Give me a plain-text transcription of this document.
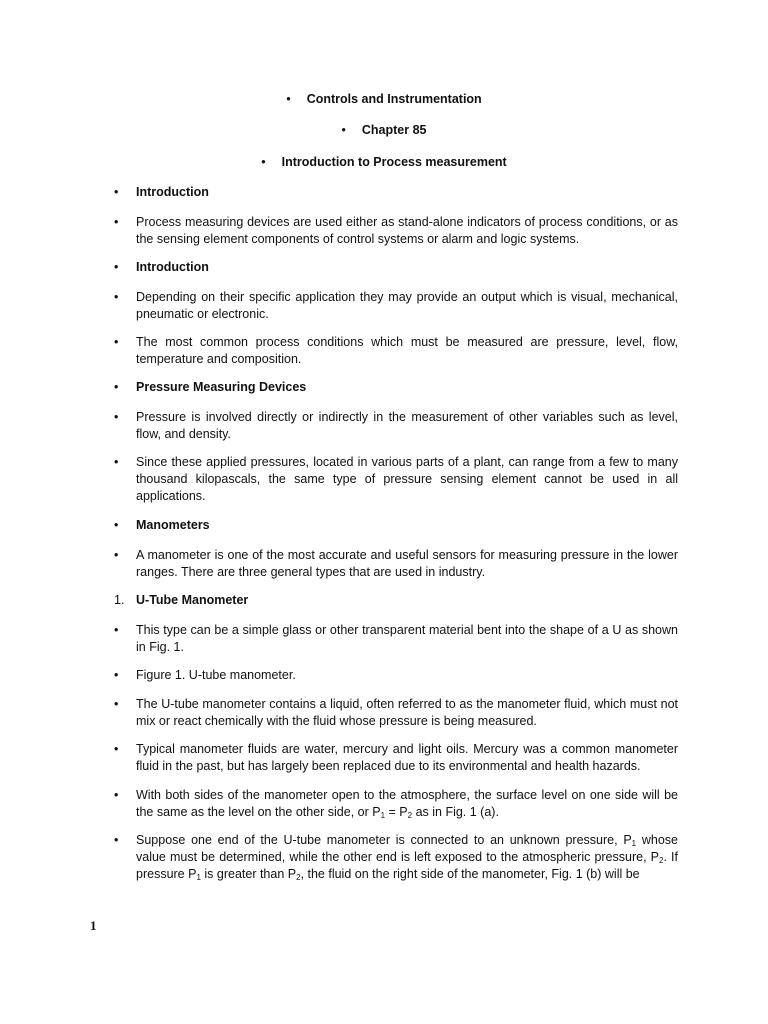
• Controls and Instrumentation
• Chapter 85
• Introduction to Process measurement
•	Introduction
•	Process measuring devices are used either as stand-alone indicators of process conditions, or as the sensing element components of control systems or alarm and logic systems.
•	Introduction
•	Depending on their specific application they may provide an output which is visual, mechanical, pneumatic or electronic.
•	The most common process conditions which must be measured are pressure, level, flow, temperature and composition.
•	Pressure Measuring Devices
•	Pressure is involved directly or indirectly in the measurement of other variables such as level, flow, and density.
•	Since these applied pressures, located in various parts of a plant, can range from a few to many thousand kilopascals, the same type of pressure sensing element cannot be used in all applications.
•	Manometers
•	A manometer is one of the most accurate and useful sensors for measuring pressure in the lower ranges. There are three general types that are used in industry.
1. U-Tube Manometer
•	This type can be a simple glass or other transparent material bent into the shape of a U as shown in Fig. 1.
•	Figure 1. U-tube manometer.
•	The U-tube manometer contains a liquid, often referred to as the manometer fluid, which must not mix or react chemically with the fluid whose pressure is being measured.
•	Typical manometer fluids are water, mercury and light oils. Mercury was a common manometer fluid in the past, but has largely been replaced due to its environmental and health hazards.
•	With both sides of the manometer open to the atmosphere, the surface level on one side will be the same as the level on the other side, or $P_1 = P_2$ as in Fig. 1 (a).
•	Suppose one end of the U-tube manometer is connected to an unknown pressure, $P_1$ whose value must be determined, while the other end is left exposed to the atmospheric pressure, $P_2$. If pressure $P_1$ is greater than $P_2$, the fluid on the right side of the manometer, Fig. 1 (b) will be
1
